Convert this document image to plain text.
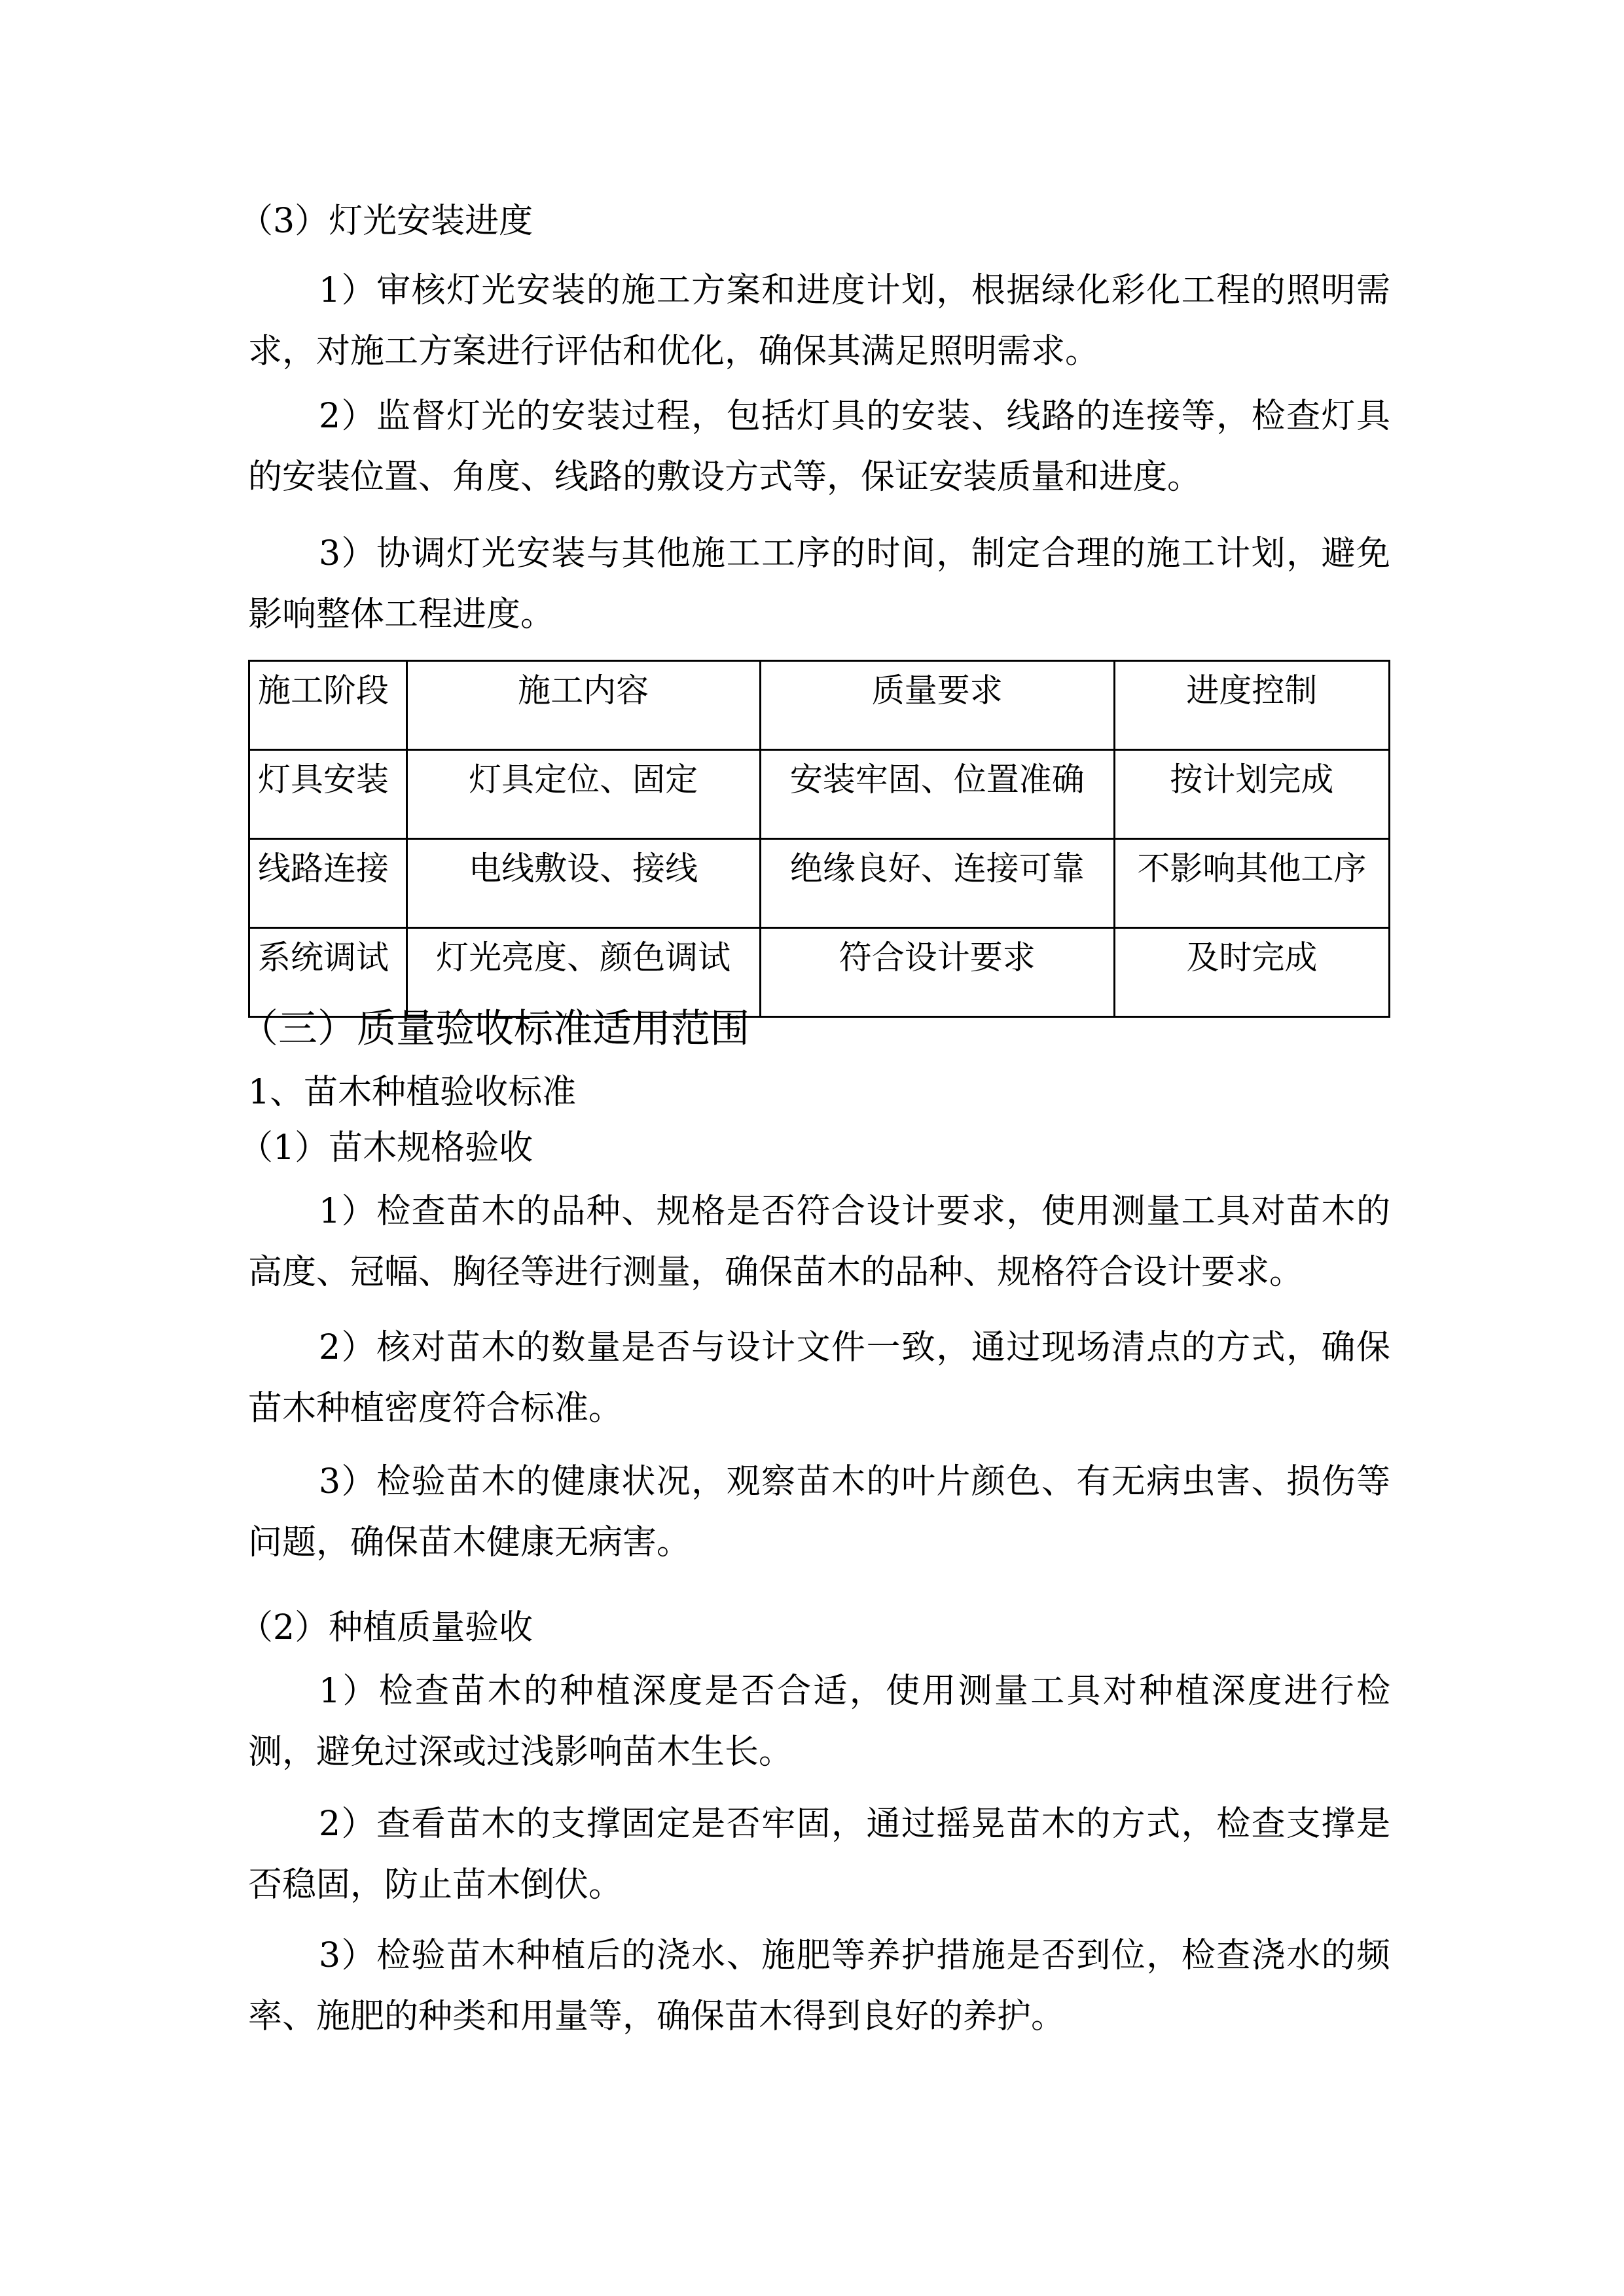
（3）灯光安装进度

1）审核灯光安装的施工方案和进度计划，根据绿化彩化工程的照明需求，对施工方案进行评估和优化，确保其满足照明需求。

2）监督灯光的安装过程，包括灯具的安装、线路的连接等，检查灯具的安装位置、角度、线路的敷设方式等，保证安装质量和进度。

3）协调灯光安装与其他施工工序的时间，制定合理的施工计划，避免影响整体工程进度。

施工阶段	施工内容	质量要求	进度控制
灯具安装	灯具定位、固定	安装牢固、位置准确	按计划完成
线路连接	电线敷设、接线	绝缘良好、连接可靠	不影响其他工序
系统调试	灯光亮度、颜色调试	符合设计要求	及时完成

（三）质量验收标准适用范围

1、苗木种植验收标准

（1）苗木规格验收

1）检查苗木的品种、规格是否符合设计要求，使用测量工具对苗木的高度、冠幅、胸径等进行测量，确保苗木的品种、规格符合设计要求。

2）核对苗木的数量是否与设计文件一致，通过现场清点的方式，确保苗木种植密度符合标准。

3）检验苗木的健康状况，观察苗木的叶片颜色、有无病虫害、损伤等问题，确保苗木健康无病害。

（2）种植质量验收

1）检查苗木的种植深度是否合适，使用测量工具对种植深度进行检测，避免过深或过浅影响苗木生长。

2）查看苗木的支撑固定是否牢固，通过摇晃苗木的方式，检查支撑是否稳固，防止苗木倒伏。

3）检验苗木种植后的浇水、施肥等养护措施是否到位，检查浇水的频率、施肥的种类和用量等，确保苗木得到良好的养护。
